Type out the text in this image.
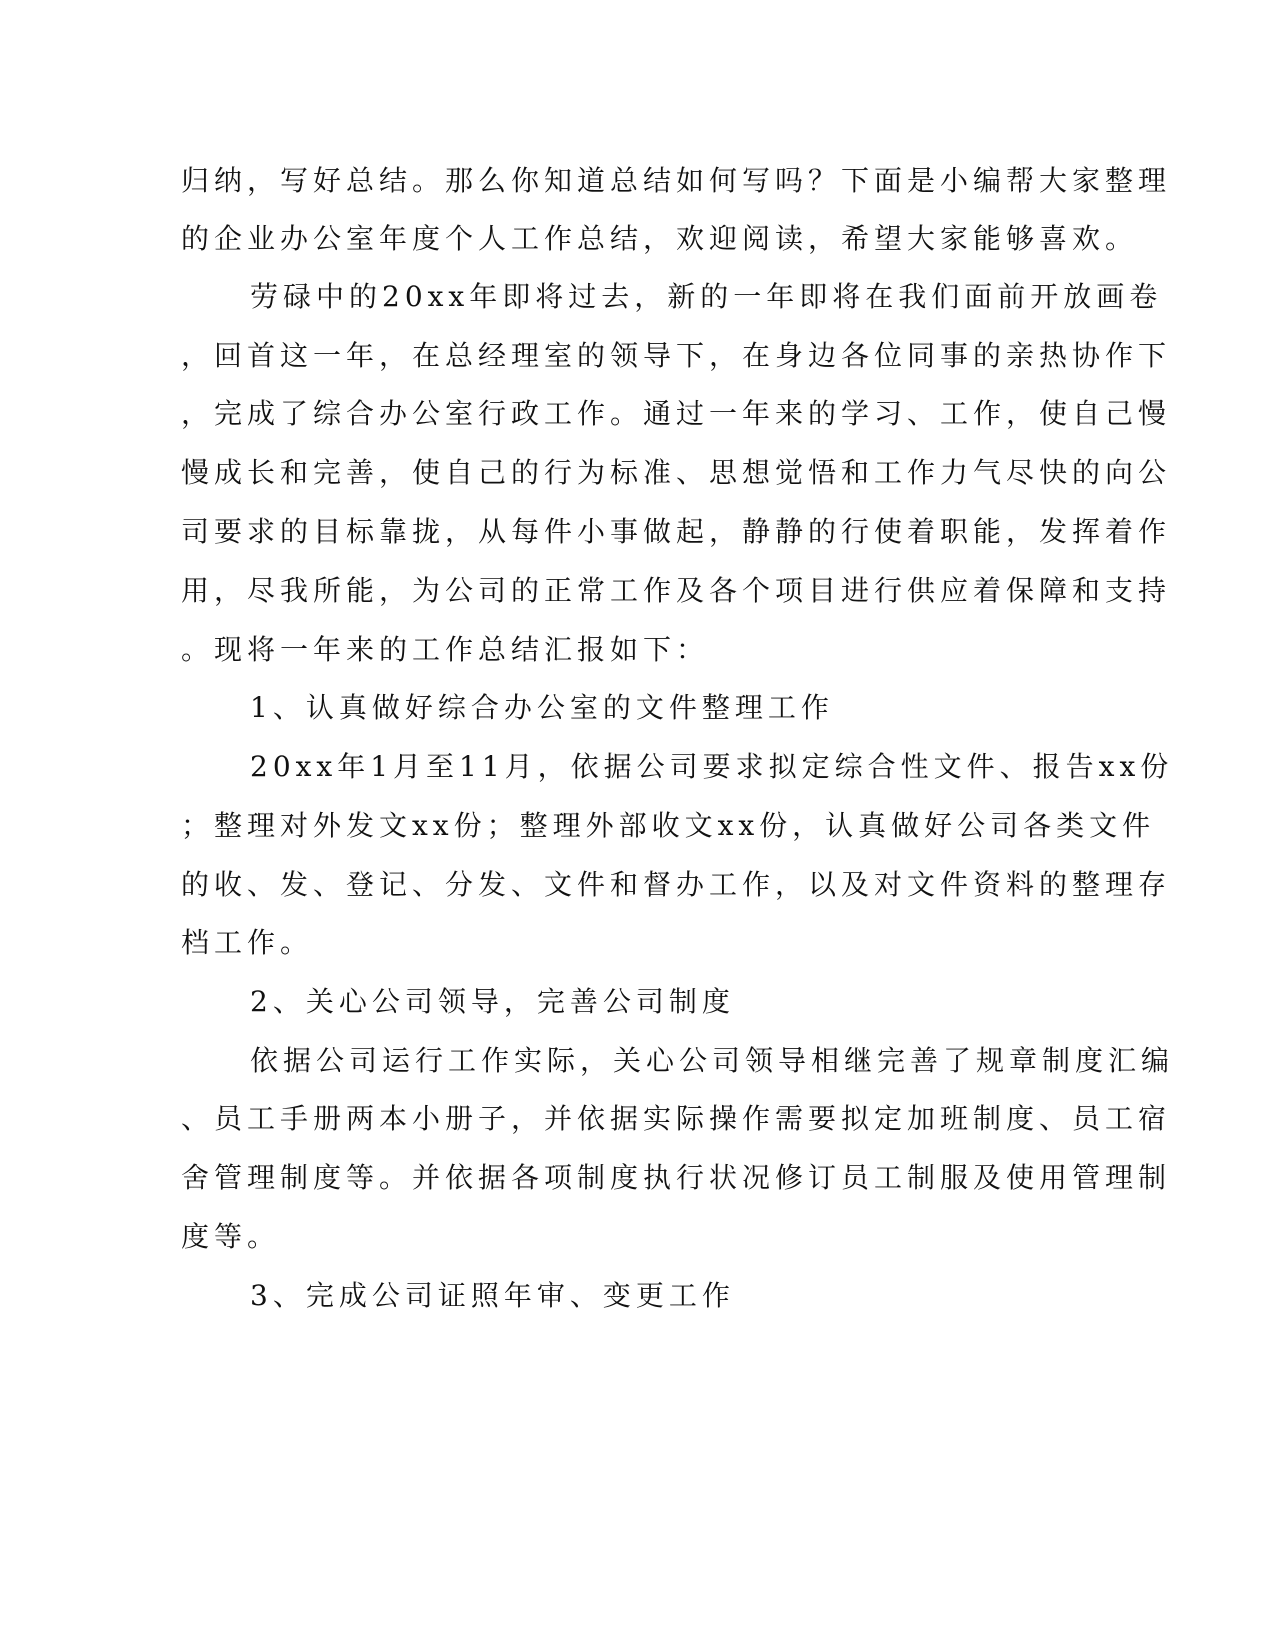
归纳，写好总结。那么你知道总结如何写吗？下面是小编帮大家整理
的企业办公室年度个人工作总结，欢迎阅读，希望大家能够喜欢。
劳碌中的20xx年即将过去，新的一年即将在我们面前开放画卷
，回首这一年，在总经理室的领导下，在身边各位同事的亲热协作下
，完成了综合办公室行政工作。通过一年来的学习、工作，使自己慢
慢成长和完善，使自己的行为标准、思想觉悟和工作力气尽快的向公
司要求的目标靠拢，从每件小事做起，静静的行使着职能，发挥着作
用，尽我所能，为公司的正常工作及各个项目进行供应着保障和支持
。现将一年来的工作总结汇报如下：
1、认真做好综合办公室的文件整理工作
20xx年1月至11月，依据公司要求拟定综合性文件、报告xx份
；整理对外发文xx份；整理外部收文xx份，认真做好公司各类文件
的收、发、登记、分发、文件和督办工作，以及对文件资料的整理存
档工作。
2、关心公司领导，完善公司制度
依据公司运行工作实际，关心公司领导相继完善了规章制度汇编
、员工手册两本小册子，并依据实际操作需要拟定加班制度、员工宿
舍管理制度等。并依据各项制度执行状况修订员工制服及使用管理制
度等。
3、完成公司证照年审、变更工作
